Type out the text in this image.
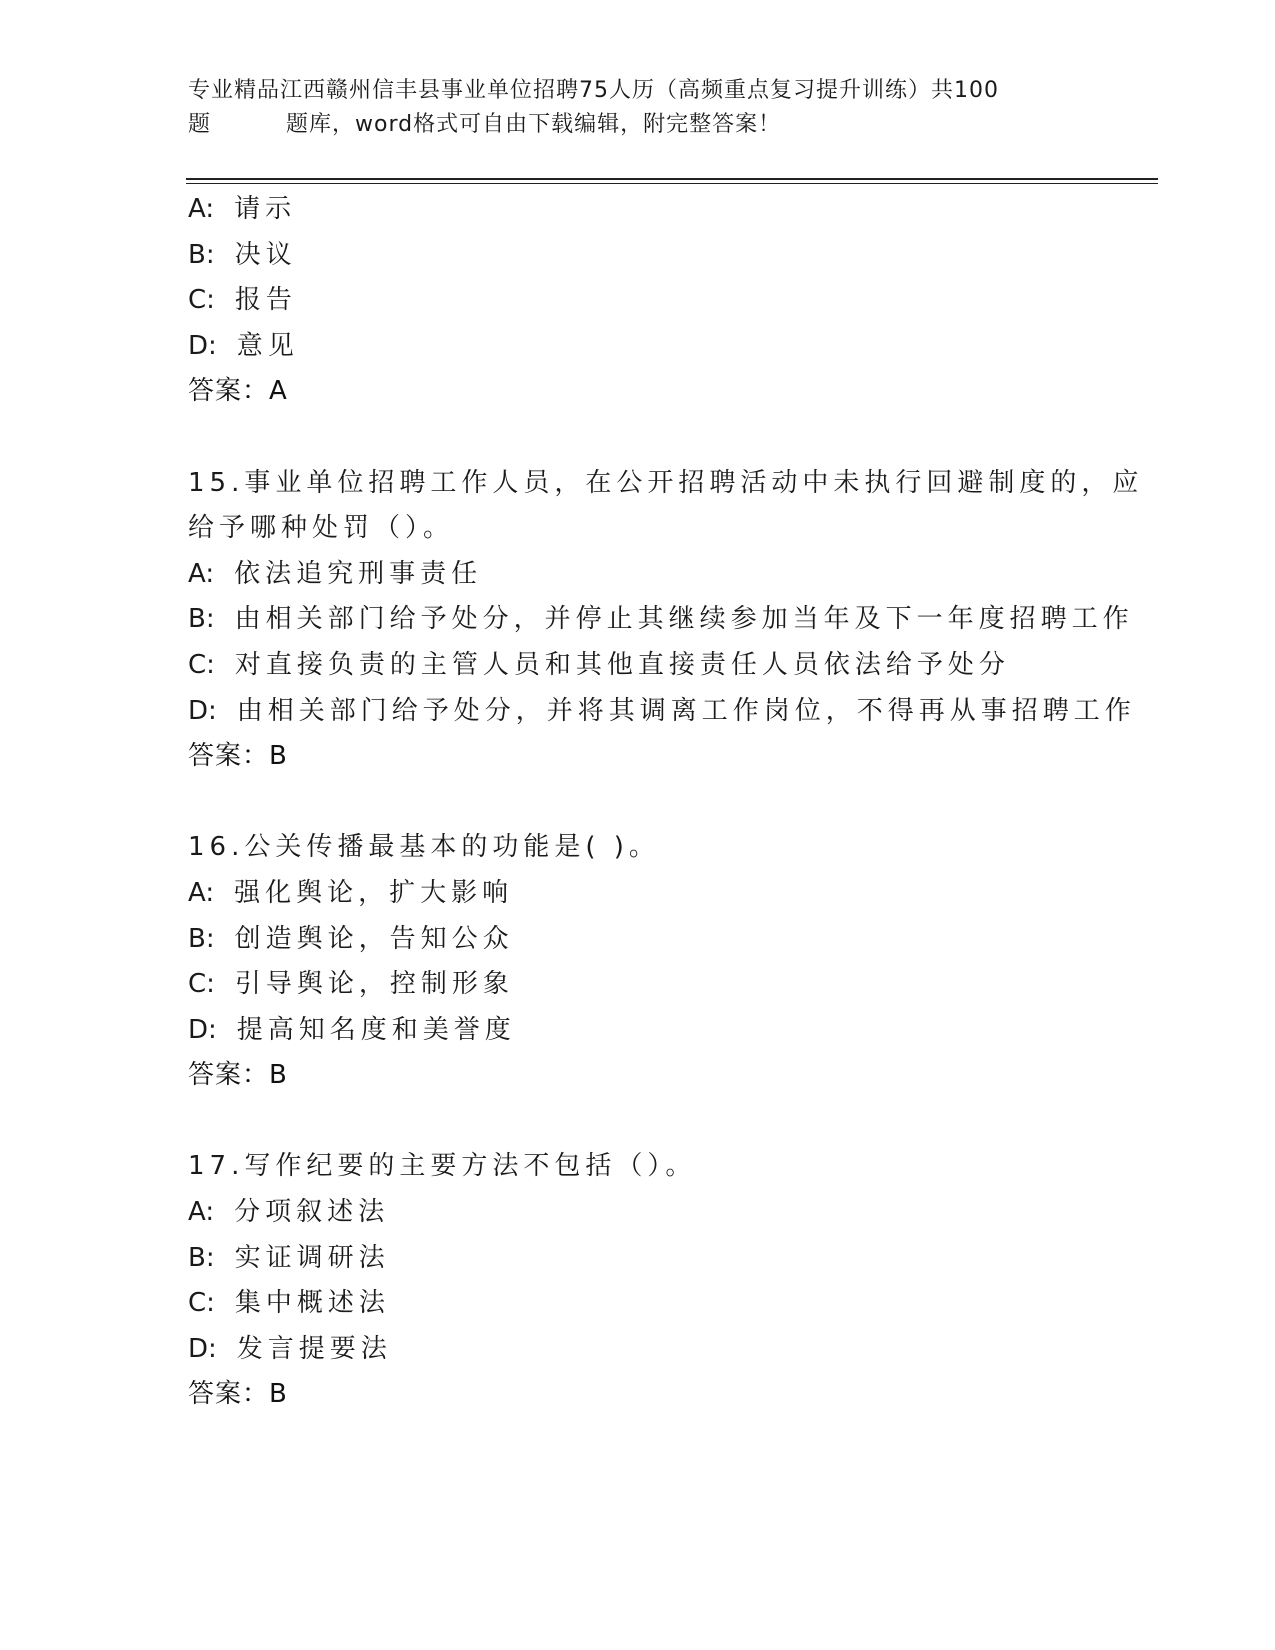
专业精品江西赣州信丰县事业单位招聘75人历（高频重点复习提升训练）共100
题	题库，word格式可自由下载编辑，附完整答案！
A: 请示
B: 决议
C: 报告
D: 意见
答案：A
15.事业单位招聘工作人员，在公开招聘活动中未执行回避制度的，应
给予哪种处罚（）。
A: 依法追究刑事责任
B: 由相关部门给予处分，并停止其继续参加当年及下一年度招聘工作
C: 对直接负责的主管人员和其他直接责任人员依法给予处分
D: 由相关部门给予处分，并将其调离工作岗位，不得再从事招聘工作
答案：B
16.公关传播最基本的功能是( )。
A: 强化舆论，扩大影响
B: 创造舆论，告知公众
C: 引导舆论，控制形象
D: 提高知名度和美誉度
答案：B
17.写作纪要的主要方法不包括（）。
A: 分项叙述法
B: 实证调研法
C: 集中概述法
D: 发言提要法
答案：B
